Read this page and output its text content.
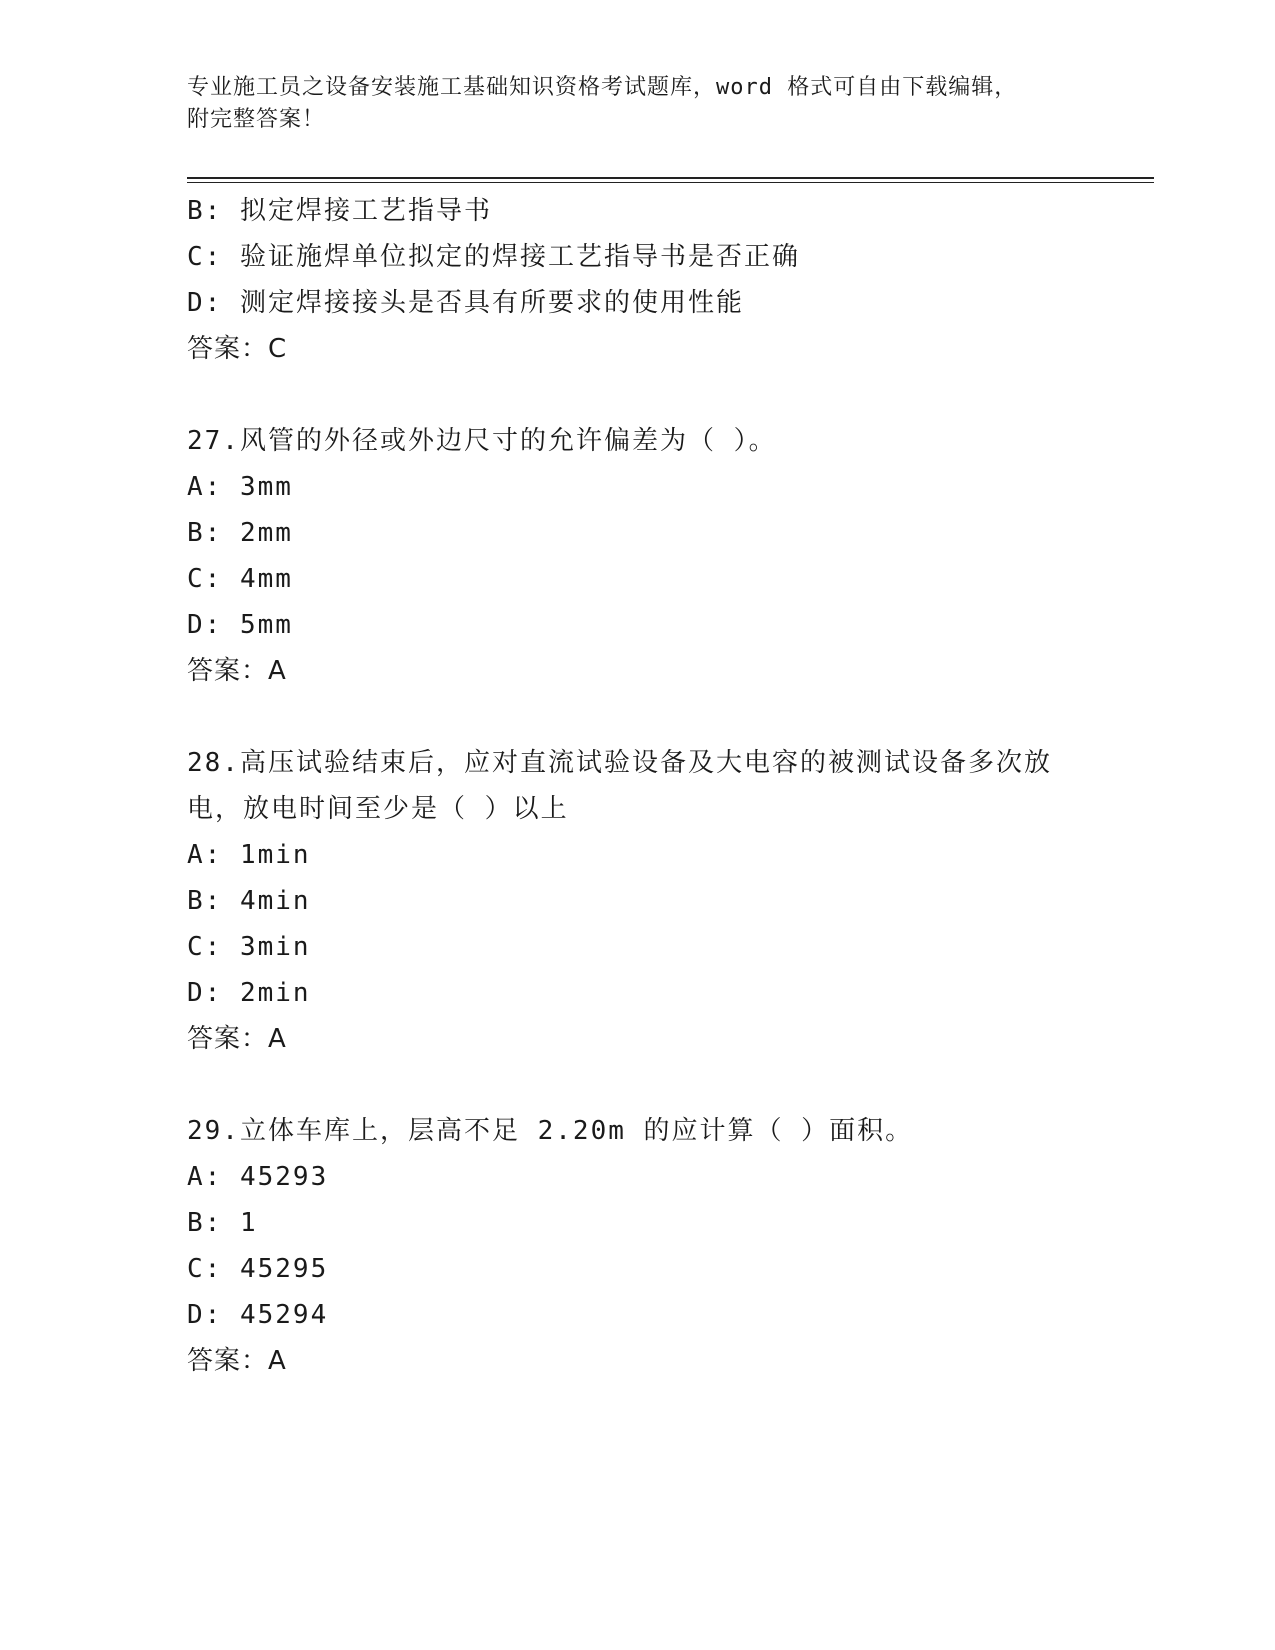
专业施工员之设备安装施工基础知识资格考试题库，word 格式可自由下载编辑，
附完整答案！
B: 拟定焊接工艺指导书
C: 验证施焊单位拟定的焊接工艺指导书是否正确
D: 测定焊接接头是否具有所要求的使用性能
答案：C
27.风管的外径或外边尺寸的允许偏差为（ ）。
A: 3mm
B: 2mm
C: 4mm
D: 5mm
答案：A
28.高压试验结束后，应对直流试验设备及大电容的被测试设备多次放
电，放电时间至少是（ ）以上
A: 1min
B: 4min
C: 3min
D: 2min
答案：A
29.立体车库上，层高不足 2.20m 的应计算（ ）面积。
A: 45293
B: 1
C: 45295
D: 45294
答案：A
